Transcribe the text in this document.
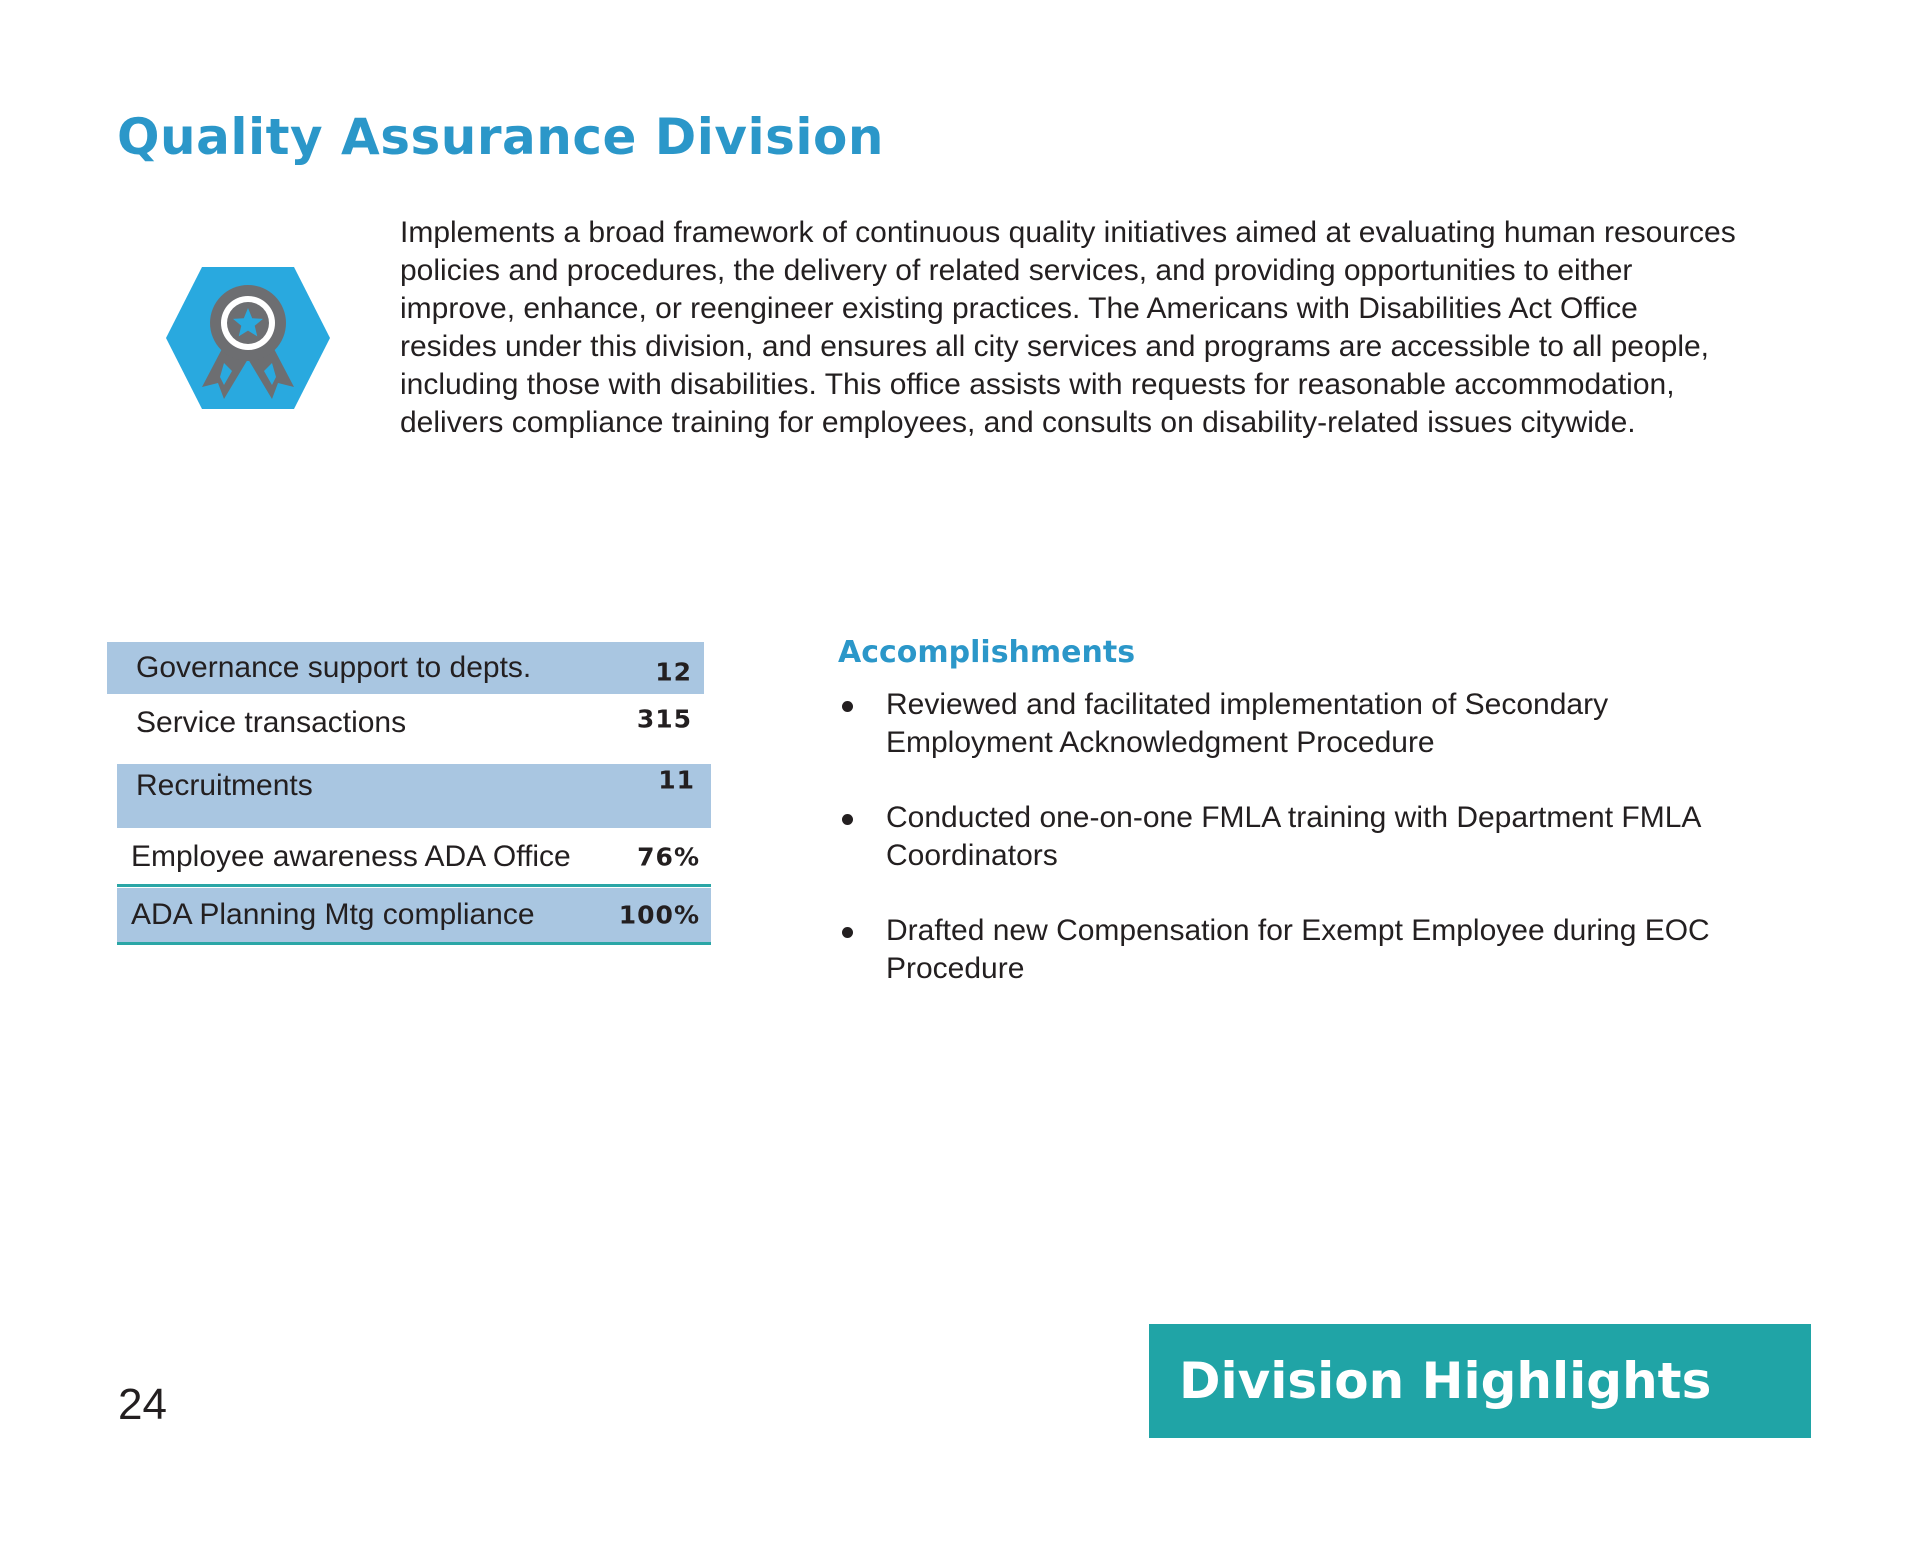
Quality Assurance Division

Implements a broad framework of continuous quality initiatives aimed at evaluating human resources policies and procedures, the delivery of related services, and providing opportunities to either improve, enhance, or reengineer existing practices. The Americans with Disabilities Act Office resides under this division, and ensures all city services and programs are accessible to all people, including those with disabilities. This office assists with requests for reasonable accommodation, delivers compliance training for employees, and consults on disability-related issues citywide.

Governance support to depts.	12
Service transactions	315
Recruitments	11
Employee awareness ADA Office	76%
ADA Planning Mtg compliance	100%
Accomplishments
Reviewed and facilitated implementation of Secondary Employment Acknowledgment Procedure
Conducted one-on-one FMLA training with Department FMLA Coordinators
Drafted new Compensation for Exempt Employee during EOC Procedure
24	Division Highlights
